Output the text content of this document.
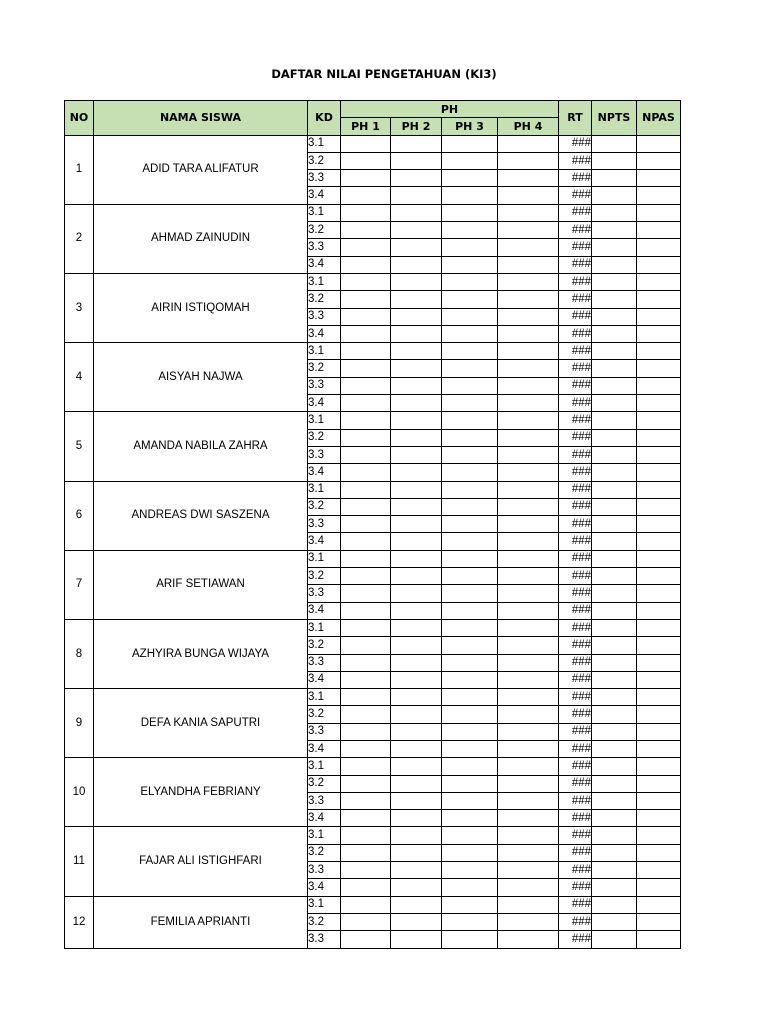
DAFTAR NILAI PENGETAHUAN (KI3)
NO	NAMA SISWA	KD	PH				RT	NPTS	NPAS
			PH 1	PH 2	PH 3	PH 4			
1	ADID TARA ALIFATUR	3.1					###		
		3.2					###		
		3.3					###		
		3.4					###		
2	AHMAD ZAINUDIN	3.1					###		
		3.2					###		
		3.3					###		
		3.4					###		
3	AIRIN ISTIQOMAH	3.1					###		
		3.2					###		
		3.3					###		
		3.4					###		
4	AISYAH NAJWA	3.1					###		
		3.2					###		
		3.3					###		
		3.4					###		
5	AMANDA NABILA ZAHRA	3.1					###		
		3.2					###		
		3.3					###		
		3.4					###		
6	ANDREAS DWI SASZENA	3.1					###		
		3.2					###		
		3.3					###		
		3.4					###		
7	ARIF SETIAWAN	3.1					###		
		3.2					###		
		3.3					###		
		3.4					###		
8	AZHYIRA BUNGA WIJAYA	3.1					###		
		3.2					###		
		3.3					###		
		3.4					###		
9	DEFA KANIA SAPUTRI	3.1					###		
		3.2					###		
		3.3					###		
		3.4					###		
10	ELYANDHA FEBRIANY	3.1					###		
		3.2					###		
		3.3					###		
		3.4					###		
11	FAJAR ALI ISTIGHFARI	3.1					###		
		3.2					###		
		3.3					###		
		3.4					###		
12	FEMILIA APRIANTI	3.1					###		
		3.2					###		
		3.3					###		
